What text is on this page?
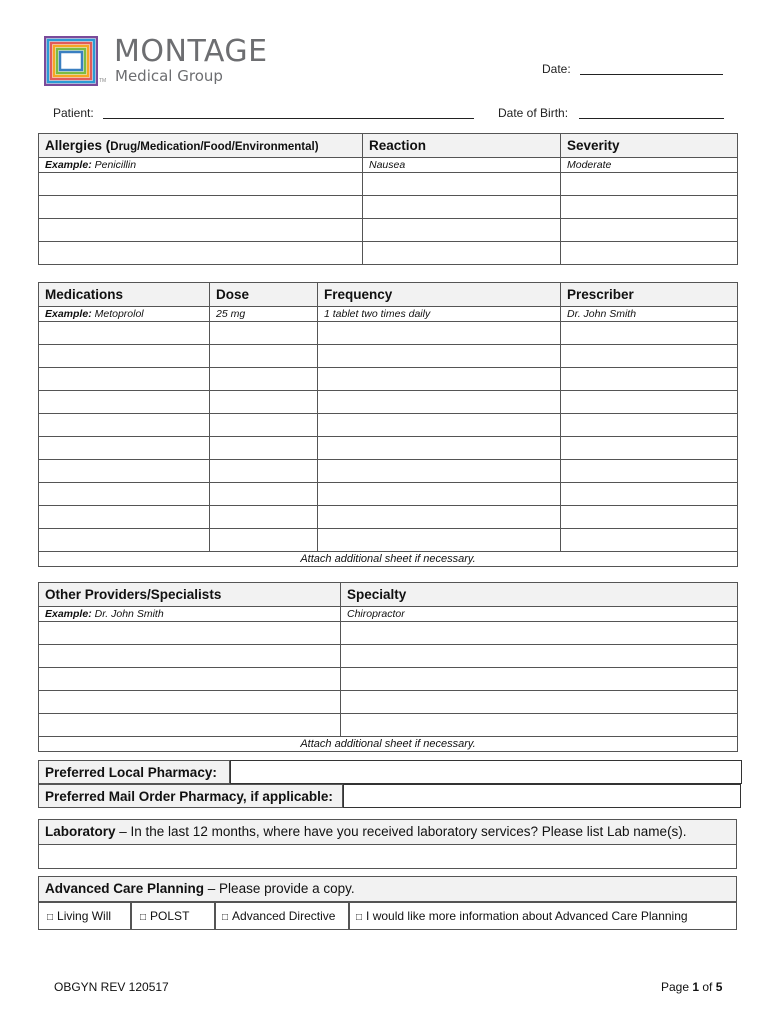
MONTAGE
Medical Group
TM
Date:
Patient:	Date of Birth:
Allergies (Drug/Medication/Food/Environmental)	Reaction	Severity
Example: Penicillin	Nausea	Moderate

Medications	Dose	Frequency	Prescriber
Example: Metoprolol	25 mg	1 tablet two times daily	Dr. John Smith

Attach additional sheet if necessary.			
Other Providers/Specialists	Specialty
Example: Dr. John Smith	Chiropractor

Attach additional sheet if necessary.	
Preferred Local Pharmacy:
Preferred Mail Order Pharmacy, if applicable:
Laboratory – In the last 12 months, where have you received laboratory services? Please list Lab name(s).
Advanced Care Planning – Please provide a copy.
□ Living Will	□ POLST	□ Advanced Directive	□ I would like more information about Advanced Care Planning
OBGYN REV 120517	Page 1 of 5
